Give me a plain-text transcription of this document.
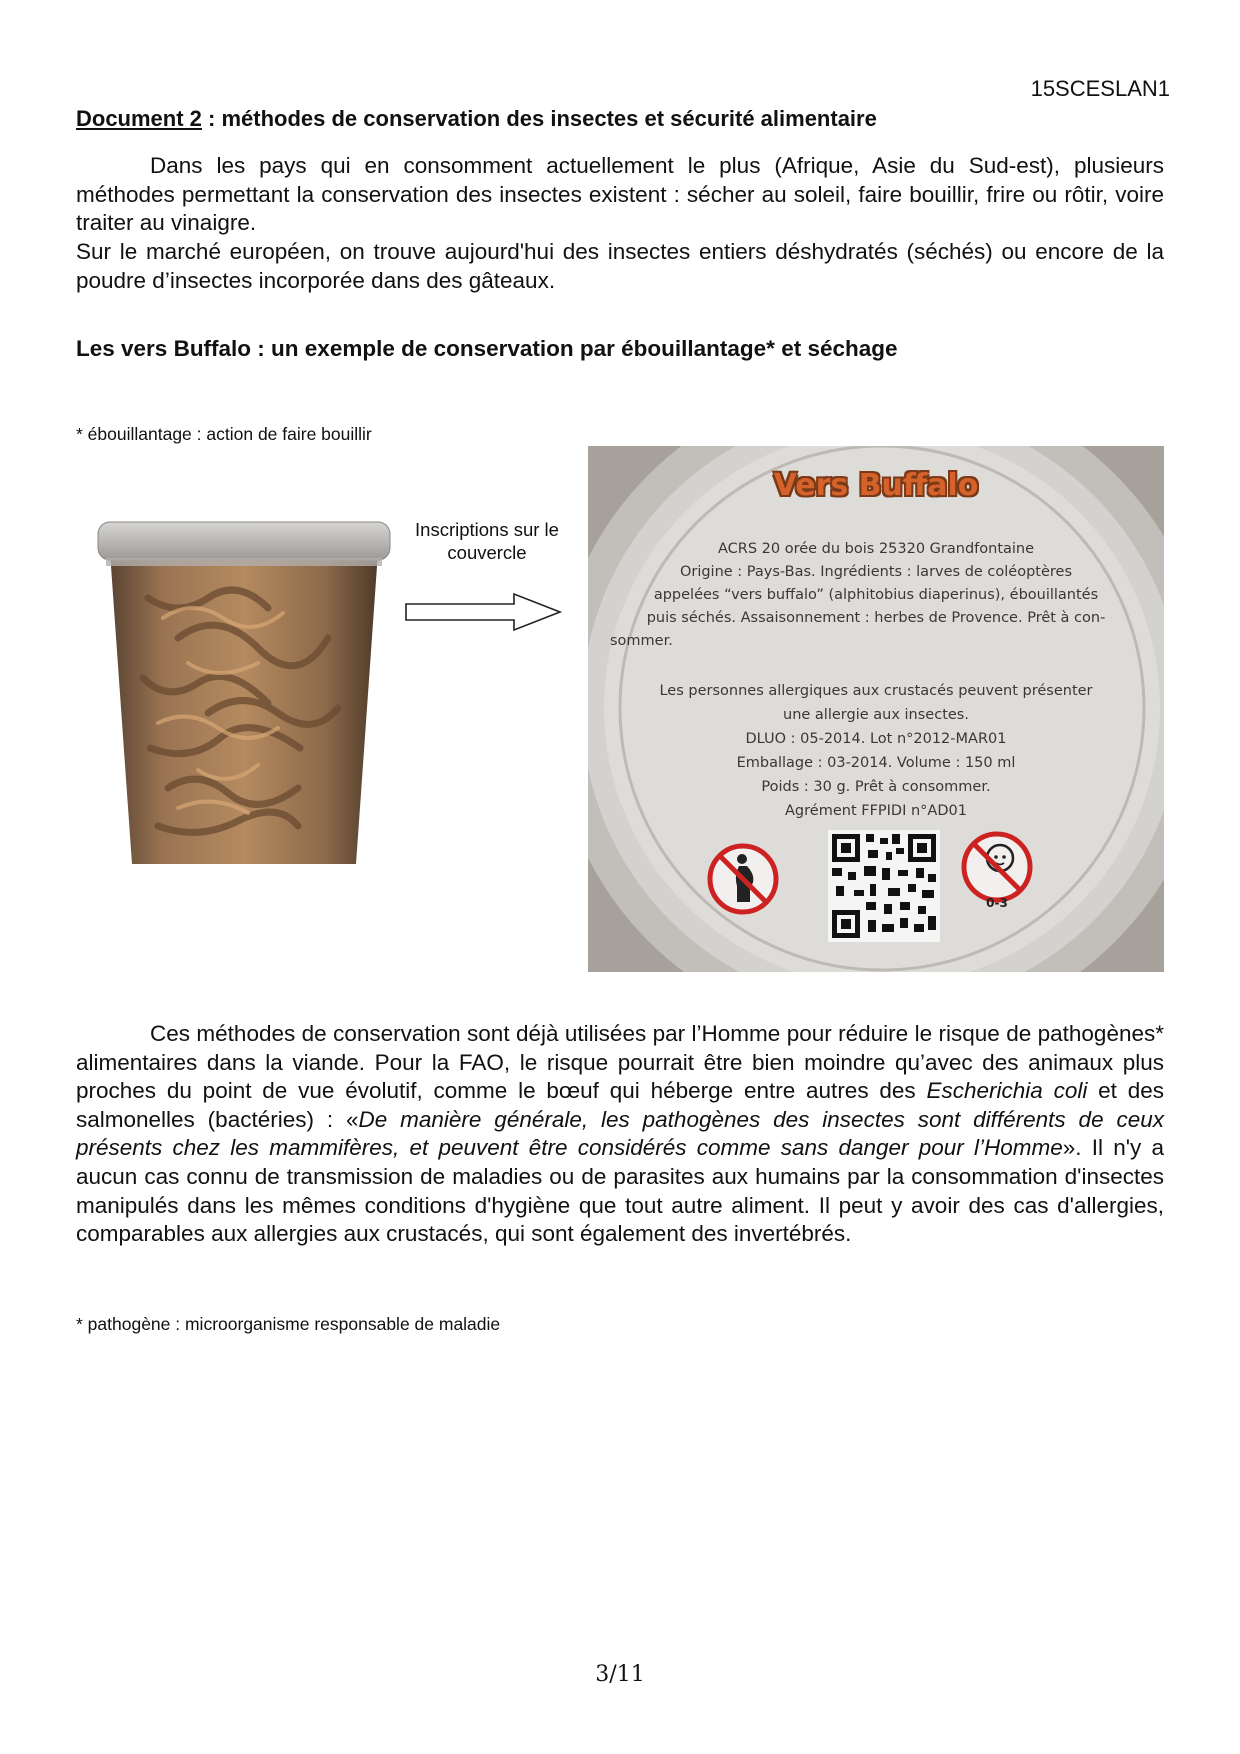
15SCESLAN1
Document 2 : méthodes de conservation des insectes et sécurité alimentaire

Dans les pays qui en consomment actuellement le plus (Afrique, Asie du Sud-est), plusieurs méthodes permettant la conservation des insectes existent : sécher au soleil, faire bouillir, frire ou rôtir, voire traiter au vinaigre.

Sur le marché européen, on trouve aujourd'hui des insectes entiers déshydratés (séchés) ou encore de la poudre d’insectes incorporée dans des gâteaux.

Les vers Buffalo : un exemple de conservation par ébouillantage* et séchage
* ébouillantage : action de faire bouillir
Inscriptions sur le couvercle
Vers Buffalo
ACRS 20 orée du bois 25320 Grandfontaine
Origine : Pays-Bas. Ingrédients : larves de coléoptères
appelées “vers buffalo” (alphitobius diaperinus), ébouillantés
puis séchés. Assaisonnement : herbes de Provence. Prêt à con-
sommer.
Les personnes allergiques aux crustacés peuvent présenter
une allergie aux insectes.
DLUO : 05-2014. Lot n°2012-MAR01
Emballage : 03-2014. Volume : 150 ml
Poids : 30 g. Prêt à consommer.
Agrément FFPIDI n°AD01
0-3

Ces méthodes de conservation sont déjà utilisées par l’Homme pour réduire le risque de pathogènes* alimentaires dans la viande. Pour la FAO, le risque pourrait être bien moindre qu’avec des animaux plus proches du point de vue évolutif, comme le bœuf qui héberge entre autres des Escherichia coli et des salmonelles (bactéries) : «De manière générale, les pathogènes des insectes sont différents de ceux présents chez les mammifères, et peuvent être considérés comme sans danger pour l’Homme». Il n'y a aucun cas connu de transmission de maladies ou de parasites aux humains par la consommation d'insectes manipulés dans les mêmes conditions d'hygiène que tout autre aliment. Il peut y avoir des cas d'allergies, comparables aux allergies aux crustacés, qui sont également des invertébrés.

* pathogène : microorganisme responsable de maladie
3/11
